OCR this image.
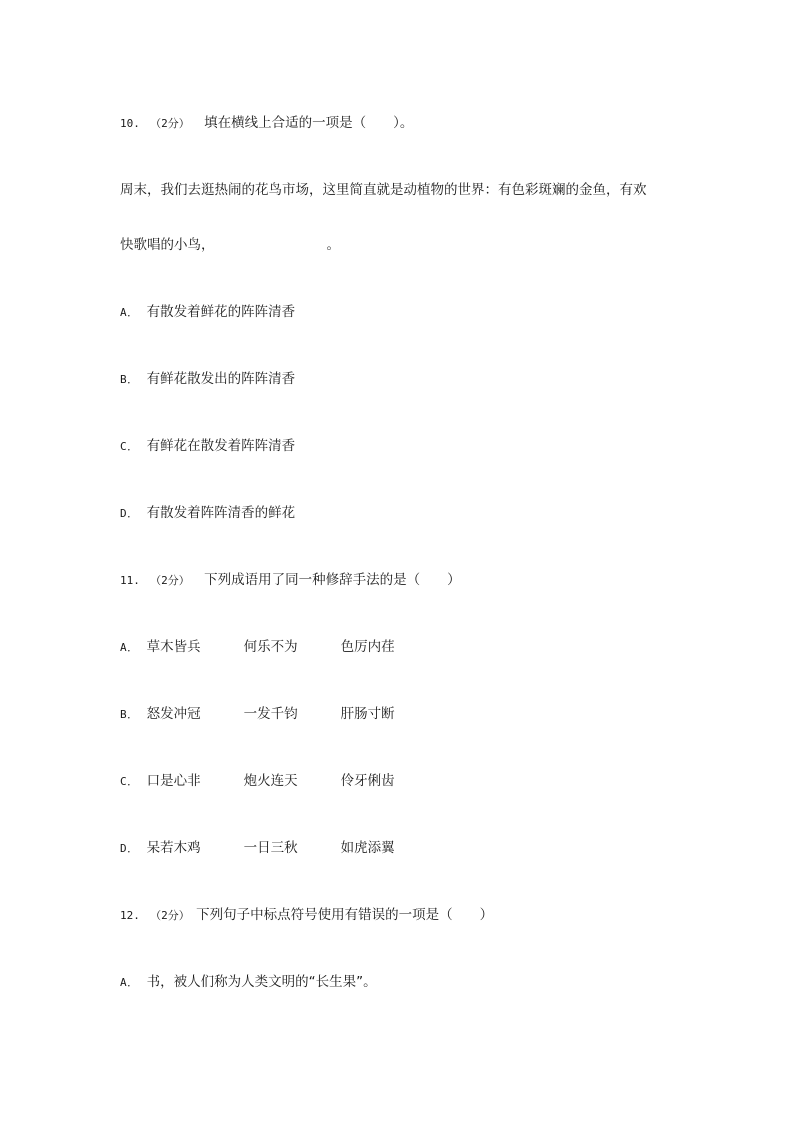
10. （2分） 填在横线上合适的一项是（　　）。
周末，我们去逛热闹的花鸟市场，这里简直就是动植物的世界：有色彩斑斓的金鱼，有欢
快歌唱的小鸟，	。
A． 有散发着鲜花的阵阵清香
B． 有鲜花散发出的阵阵清香
C． 有鲜花在散发着阵阵清香
D． 有散发着阵阵清香的鲜花
11. （2分） 下列成语用了同一种修辞手法的是（　　）
A． 草木皆兵	何乐不为	色厉内荏
B． 怒发冲冠	一发千钧	肝肠寸断
C． 口是心非	炮火连天	伶牙俐齿
D． 呆若木鸡	一日三秋	如虎添翼
12. （2分） 下列句子中标点符号使用有错误的一项是（　　）
A． 书，被人们称为人类文明的“长生果”。
